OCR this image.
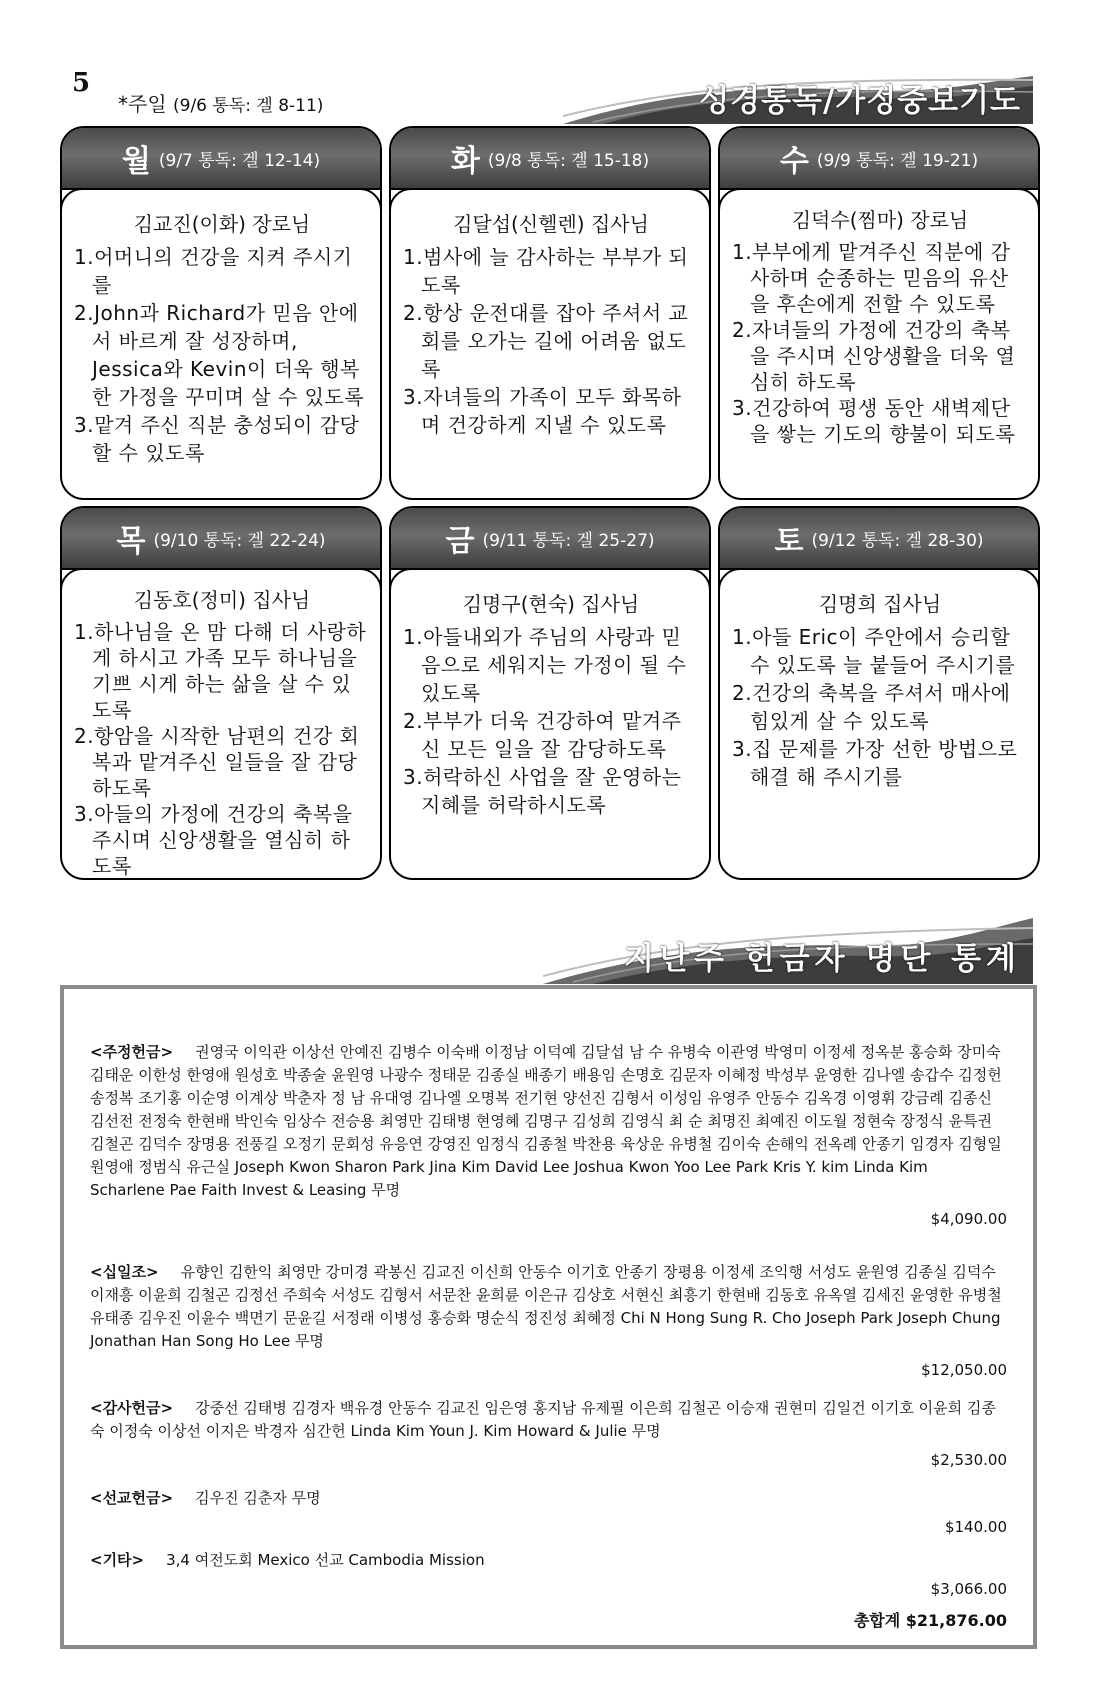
5
*주일 (9/6 통독: 겔 8-11)	성경통독/가정중보기도
월 (9/7 통독: 겔 12-14)
김교진(이화) 장로님
1.어머니의 건강을 지켜 주시기를
2.John과 Richard가 믿음 안에서 바르게 잘 성장하며, Jessica와 Kevin이 더욱 행복한 가정을 꾸미며 살 수 있도록
3.맡겨 주신 직분 충성되이 감당할 수 있도록
화 (9/8 통독: 겔 15-18)
김달섭(신헬렌) 집사님
1.범사에 늘 감사하는 부부가 되도록
2.항상 운전대를 잡아 주셔서 교회를 오가는 길에 어려움 없도록
3.자녀들의 가족이 모두 화목하며 건강하게 지낼 수 있도록
수 (9/9 통독: 겔 19-21)
김덕수(찜마) 장로님
1.부부에게 맡겨주신 직분에 감사하며 순종하는 믿음의 유산을 후손에게 전할 수 있도록
2.자녀들의 가정에 건강의 축복을 주시며 신앙생활을 더욱 열심히 하도록
3.건강하여 평생 동안 새벽제단을 쌓는 기도의 향불이 되도록
목 (9/10 통독: 겔 22-24)
김동호(정미) 집사님
1.하나님을 온 맘 다해 더 사랑하게 하시고 가족 모두 하나님을 기쁘 시게 하는 삶을 살 수 있도록
2.항암을 시작한 남편의 건강 회복과 맡겨주신 일들을 잘 감당하도록
3.아들의 가정에 건강의 축복을 주시며 신앙생활을 열심히 하도록
금 (9/11 통독: 겔 25-27)
김명구(현숙) 집사님
1.아들내외가 주님의 사랑과 믿음으로 세워지는 가정이 될 수 있도록
2.부부가 더욱 건강하여 맡겨주신 모든 일을 잘 감당하도록
3.허락하신 사업을 잘 운영하는 지혜를 허락하시도록
토 (9/12 통독: 겔 28-30)
김명희 집사님
1.아들 Eric이 주안에서 승리할 수 있도록 늘 붙들어 주시기를
2.건강의 축복을 주셔서 매사에 힘있게 살 수 있도록
3.집 문제를 가장 선한 방법으로 해결 해 주시기를
지난주 헌금자 명단 통계
<주정헌금> 권영국 이익관 이상선 안예진 김병수 이숙배 이정남 이덕예 김달섭 남 수 유병숙 이관영 박영미 이정세 정옥분 홍승화 장미숙 김태운 이한성 한영애 원성호 박종술 윤원영 나광수 정태문 김종실 배종기 배용임 손명호 김문자 이혜정 박성부 윤영한 김나엘 송갑수 김정헌 송정복 조기홍 이순영 이계상 박춘자 정 남 유대영 김나엘 오명복 전기현 양선진 김형서 이성임 유영주 안동수 김옥경 이영휘 강금례 김종신 김선전 전정숙 한현배 박인숙 임상수 전승용 최영만 김태병 현영혜 김명구 김성희 김영식 최 순 최명진 최예진 이도월 정현숙 장정식 윤특권 김철곤 김덕수 장명용 전풍길 오정기 문회성 유응연 강영진 임정식 김종철 박찬용 육상운 유병철 김이숙 손해익 전옥례 안종기 임경자 김형일 원영애 정범식 유근실 Joseph Kwon Sharon Park Jina Kim David Lee Joshua Kwon Yoo Lee Park Kris Y. kim Linda Kim Scharlene Pae Faith Invest & Leasing 무명
$4,090.00
<십일조> 유향인 김한익 최영만 강미경 곽봉신 김교진 이신희 안동수 이기호 안종기 장평용 이정세 조익행 서성도 윤원영 김종실 김덕수 이재흥 이윤희 김철곤 김정선 주희숙 서성도 김형서 서문찬 윤희륜 이은규 김상호 서현신 최흥기 한현배 김동호 유옥열 김세진 윤영한 유병철 유태종 김우진 이윤수 백면기 문윤길 서정래 이병성 홍승화 명순식 정진성 최혜정 Chi N Hong Sung R. Cho Joseph Park Joseph Chung Jonathan Han Song Ho Lee 무명
$12,050.00
<감사헌금> 강중선 김태병 김경자 백유경 안동수 김교진 임은영 홍지남 유제필 이은희 김철곤 이승재 권현미 김일건 이기호 이윤희 김종숙 이정숙 이상선 이지은 박경자 심간헌 Linda Kim Youn J. Kim Howard & Julie 무명
$2,530.00
<선교헌금> 김우진 김춘자 무명
$140.00
<기타> 3,4 여전도회 Mexico 선교 Cambodia Mission
$3,066.00
총합계 $21,876.00
